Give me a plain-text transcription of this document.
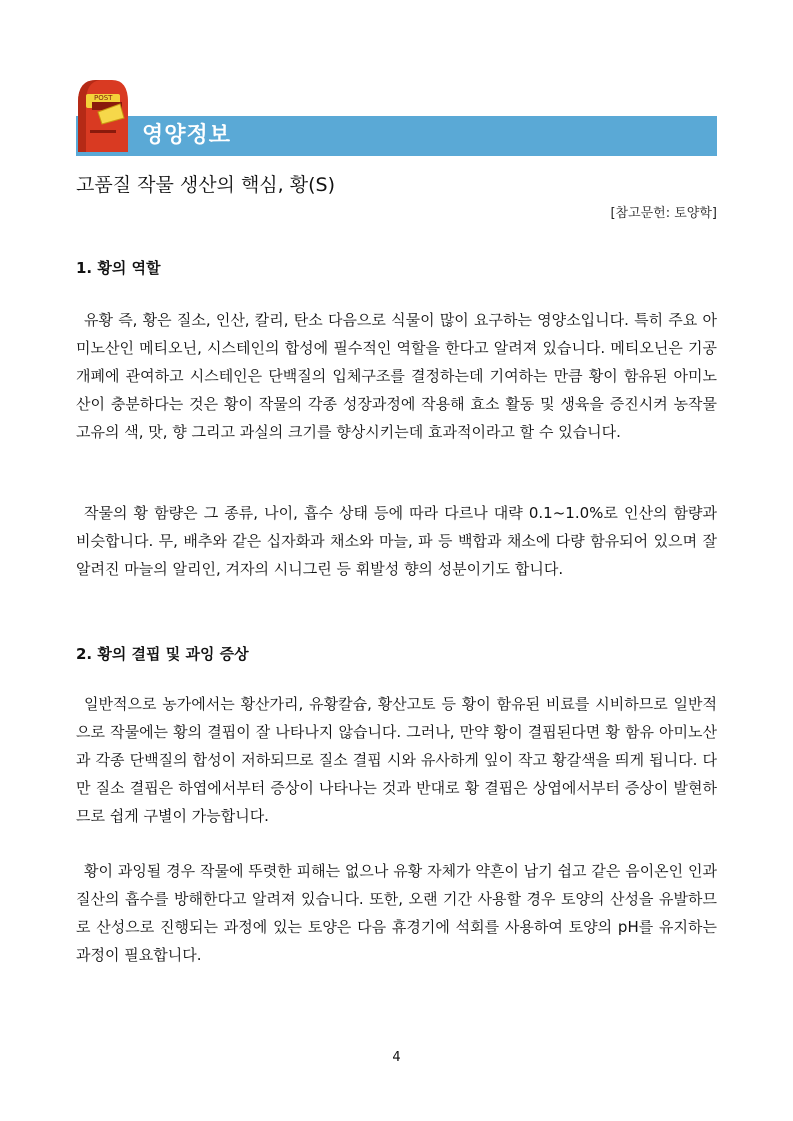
POST
영양정보
고품질 작물 생산의 핵심, 황(S)
[참고문헌: 토양학]
1. 황의 역할

유황 즉, 황은 질소, 인산, 칼리, 탄소 다음으로 식물이 많이 요구하는 영양소입니다. 특히 주요 아미노산인 메티오닌, 시스테인의 합성에 필수적인 역할을 한다고 알려져 있습니다. 메티오닌은 기공개폐에 관여하고 시스테인은 단백질의 입체구조를 결정하는데 기여하는 만큼 황이 함유된 아미노산이 충분하다는 것은 황이 작물의 각종 성장과정에 작용해 효소 활동 및 생육을 증진시켜 농작물 고유의 색, 맛, 향 그리고 과실의 크기를 향상시키는데 효과적이라고 할 수 있습니다.

작물의 황 함량은 그 종류, 나이, 흡수 상태 등에 따라 다르나 대략 0.1~1.0%로 인산의 함량과 비슷합니다. 무, 배추와 같은 십자화과 채소와 마늘, 파 등 백합과 채소에 다량 함유되어 있으며 잘 알려진 마늘의 알리인, 겨자의 시니그린 등 휘발성 향의 성분이기도 합니다.

2. 황의 결핍 및 과잉 증상

일반적으로 농가에서는 황산가리, 유황칼슘, 황산고토 등 황이 함유된 비료를 시비하므로 일반적으로 작물에는 황의 결핍이 잘 나타나지 않습니다. 그러나, 만약 황이 결핍된다면 황 함유 아미노산과 각종 단백질의 합성이 저하되므로 질소 결핍 시와 유사하게 잎이 작고 황갈색을 띄게 됩니다. 다만 질소 결핍은 하엽에서부터 증상이 나타나는 것과 반대로 황 결핍은 상엽에서부터 증상이 발현하므로 쉽게 구별이 가능합니다.

황이 과잉될 경우 작물에 뚜렷한 피해는 없으나 유황 자체가 약흔이 남기 쉽고 같은 음이온인 인과 질산의 흡수를 방해한다고 알려져 있습니다. 또한, 오랜 기간 사용할 경우 토양의 산성을 유발하므로 산성으로 진행되는 과정에 있는 토양은 다음 휴경기에 석회를 사용하여 토양의 pH를 유지하는 과정이 필요합니다.

4
